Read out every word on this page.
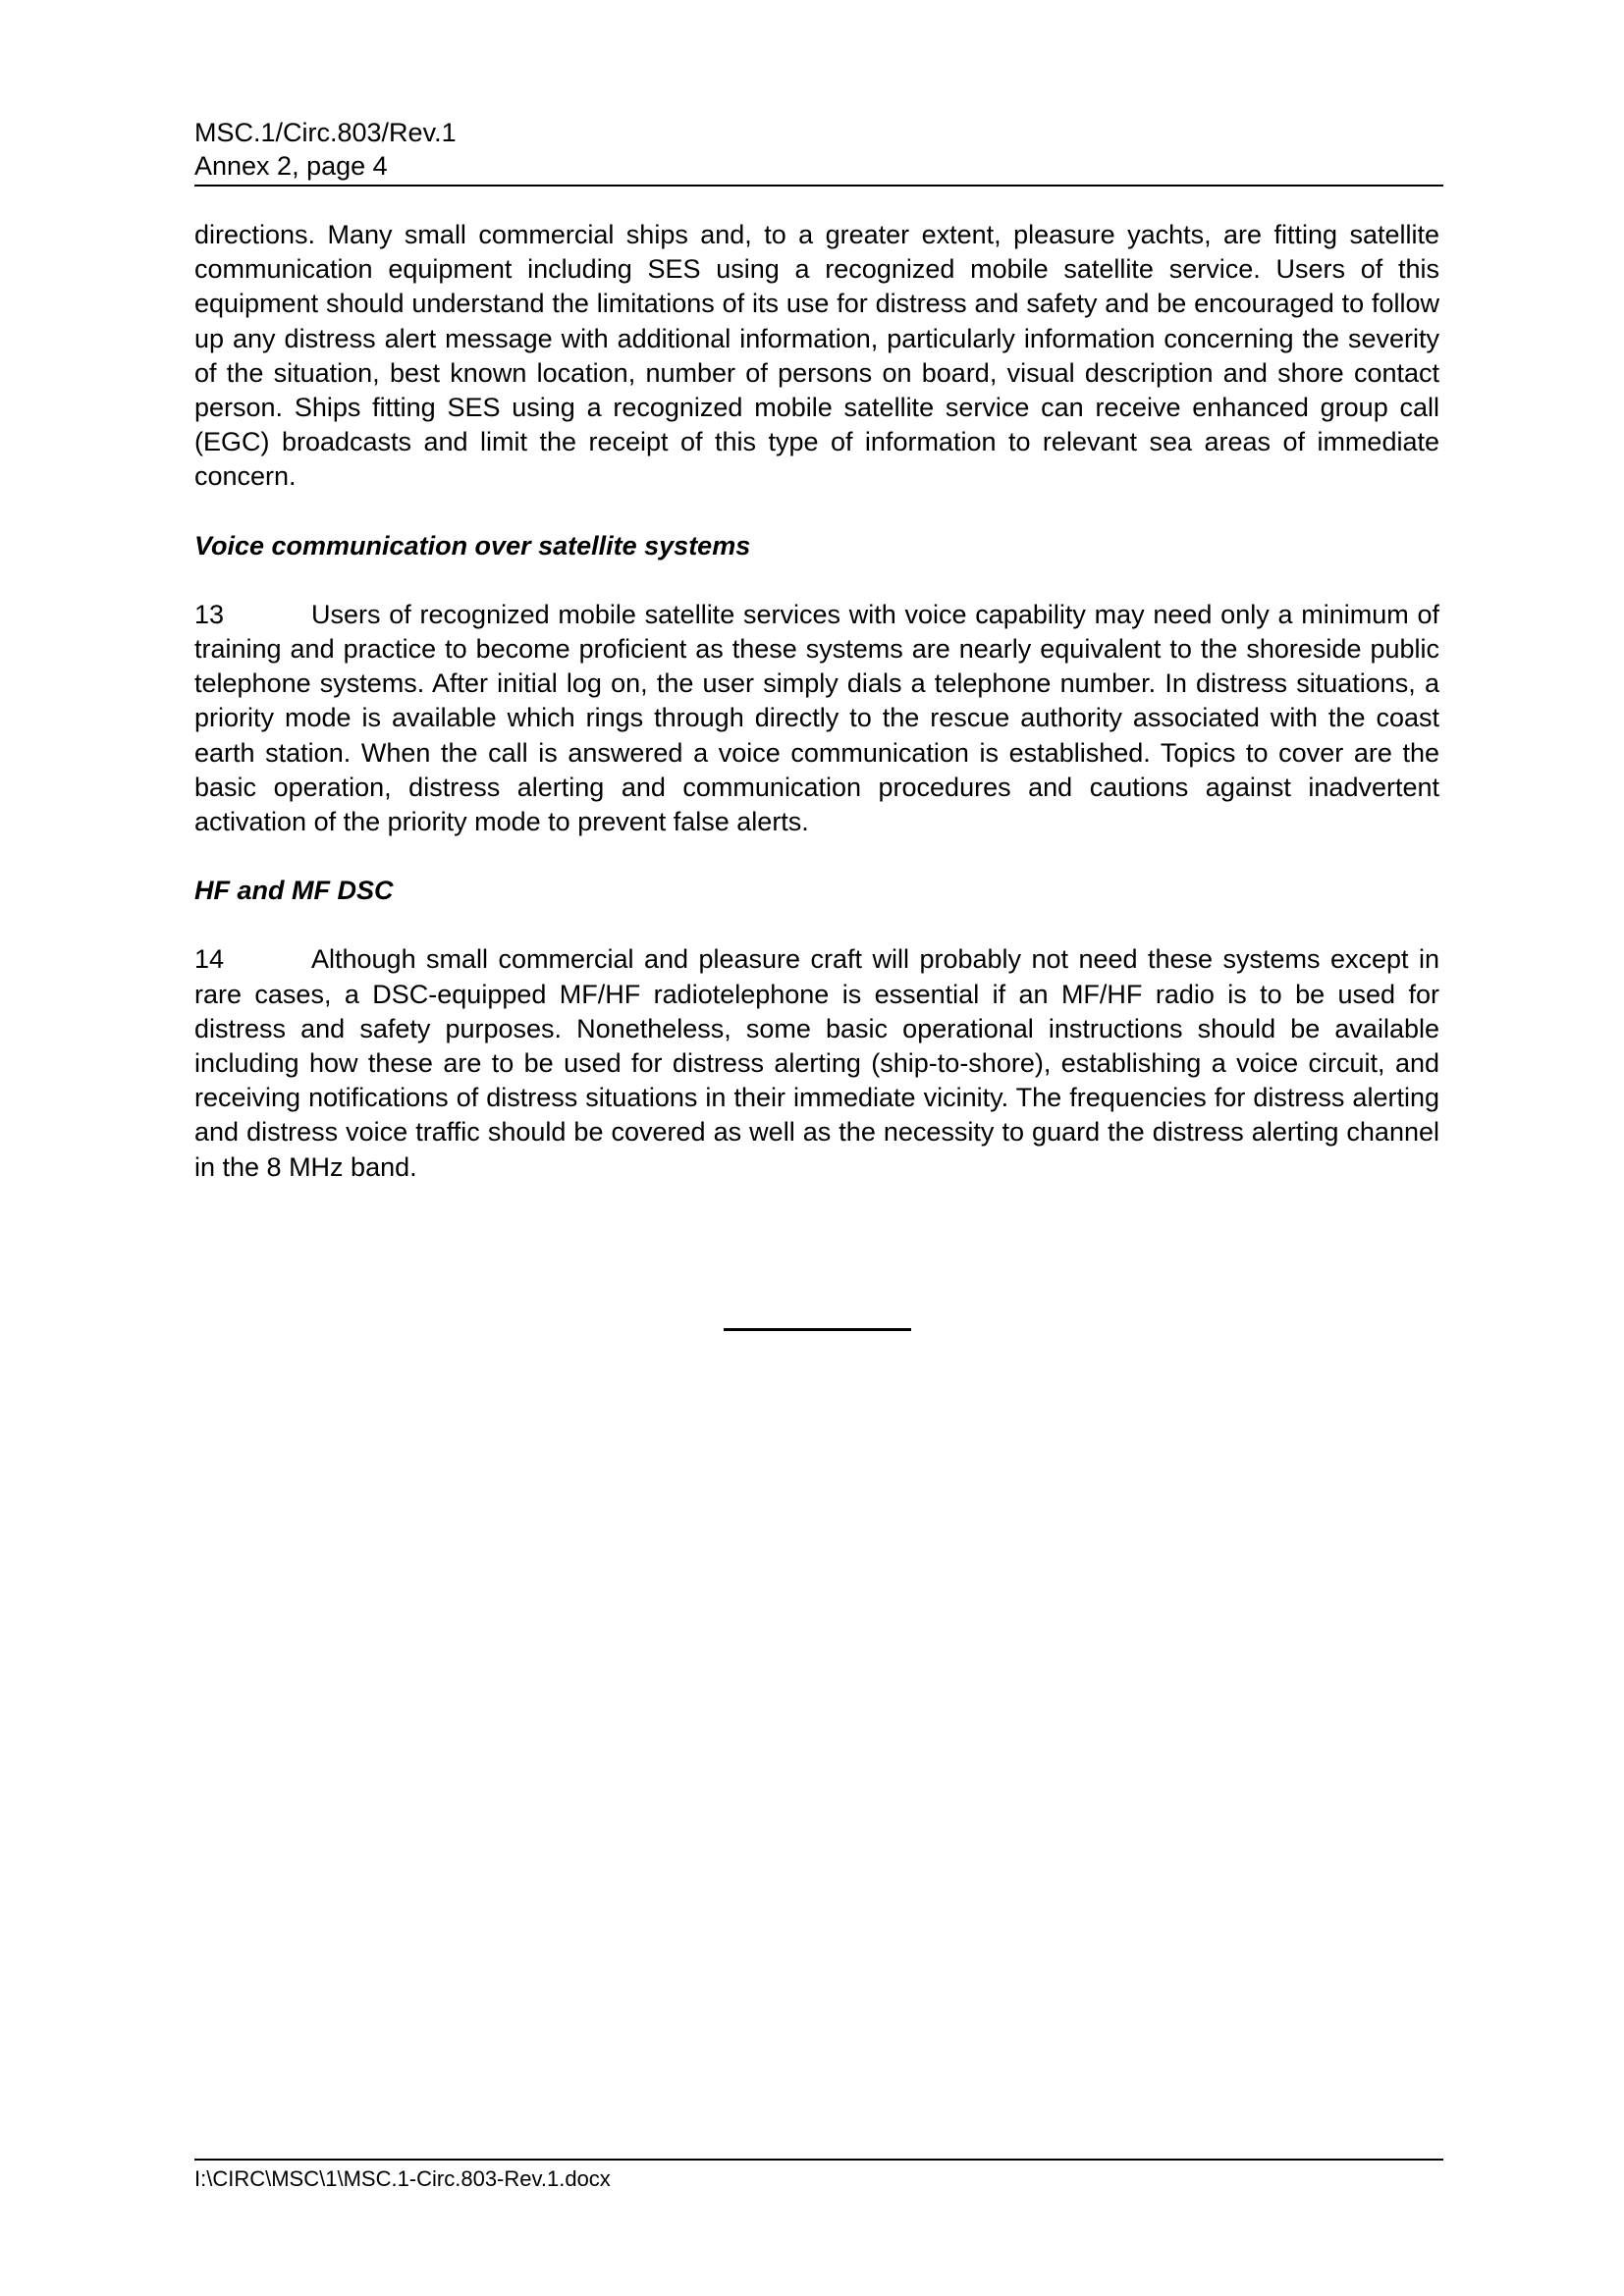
MSC.1/Circ.803/Rev.1
Annex 2, page 4

directions. Many small commercial ships and, to a greater extent, pleasure yachts, are fitting satellite communication equipment including SES using a recognized mobile satellite service. Users of this equipment should understand the limitations of its use for distress and safety and be encouraged to follow up any distress alert message with additional information, particularly information concerning the severity of the situation, best known location, number of persons on board, visual description and shore contact person. Ships fitting SES using a recognized mobile satellite service can receive enhanced group call (EGC) broadcasts and limit the receipt of this type of information to relevant sea areas of immediate concern.

Voice communication over satellite systems

13	Users of recognized mobile satellite services with voice capability may need only a minimum of training and practice to become proficient as these systems are nearly equivalent to the shoreside public telephone systems. After initial log on, the user simply dials a telephone number. In distress situations, a priority mode is available which rings through directly to the rescue authority associated with the coast earth station. When the call is answered a voice communication is established. Topics to cover are the basic operation, distress alerting and communication procedures and cautions against inadvertent activation of the priority mode to prevent false alerts.

HF and MF DSC

14	Although small commercial and pleasure craft will probably not need these systems except in rare cases, a DSC-equipped MF/HF radiotelephone is essential if an MF/HF radio is to be used for distress and safety purposes. Nonetheless, some basic operational instructions should be available including how these are to be used for distress alerting (ship-to-shore), establishing a voice circuit, and receiving notifications of distress situations in their immediate vicinity. The frequencies for distress alerting and distress voice traffic should be covered as well as the necessity to guard the distress alerting channel in the 8 MHz band.

I:\CIRC\MSC\1\MSC.1-Circ.803-Rev.1.docx
